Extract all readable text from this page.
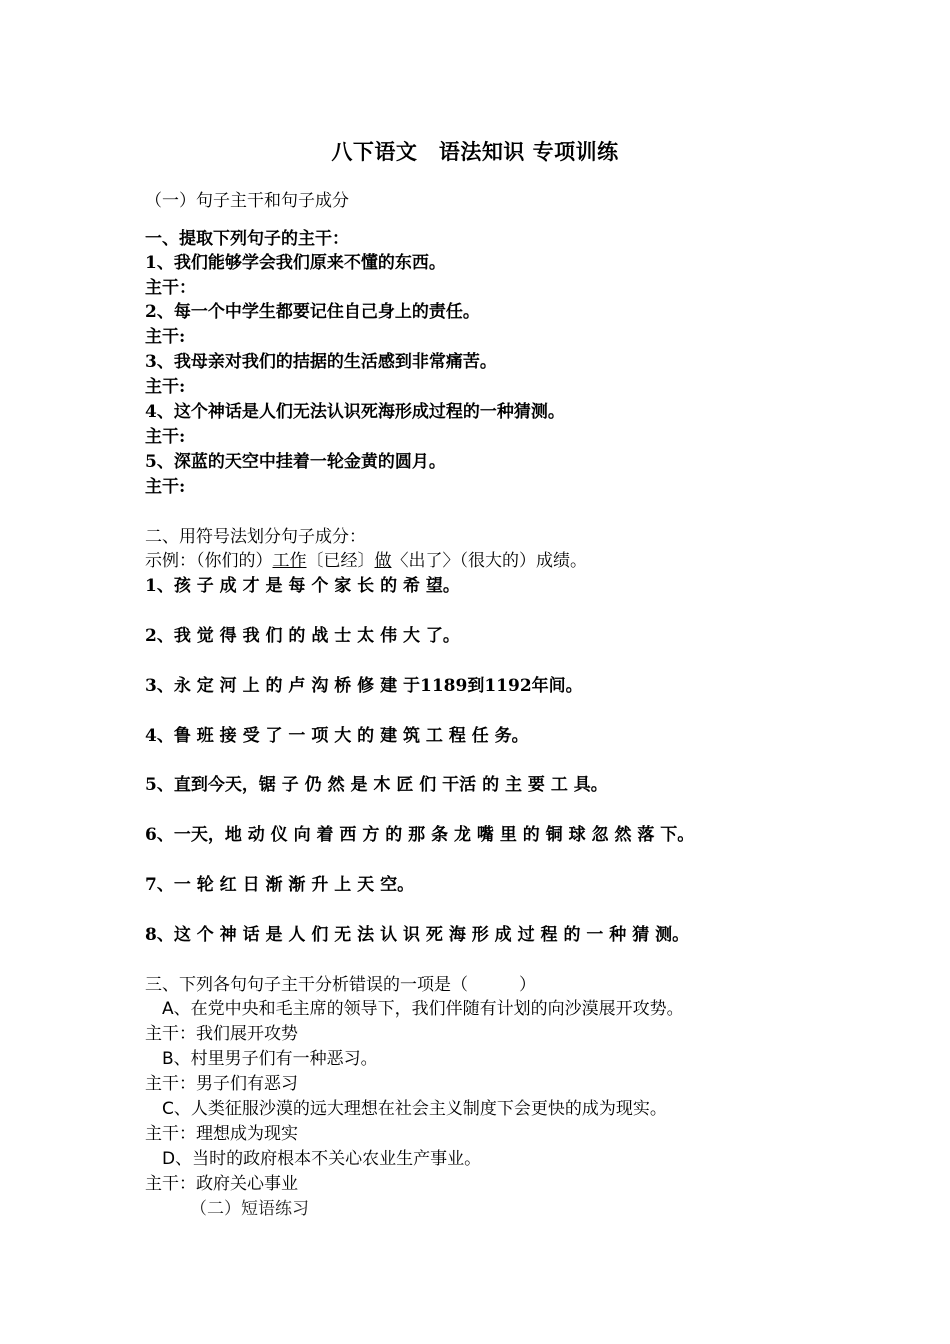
八下语文　语法知识 专项训练
（一）句子主干和句子成分
一、提取下列句子的主干：
1、我们能够学会我们原来不懂的东西。
主干：
2、每一个中学生都要记住自己身上的责任。
主干:
3、我母亲对我们的拮据的生活感到非常痛苦。
主干:
4、这个神话是人们无法认识死海形成过程的一种猜测。
主干:
5、深蓝的天空中挂着一轮金黄的圆月。
主干:
二、用符号法划分句子成分：
示例：（你们的）工作〔已经〕做〈出了〉（很大的）成绩。
1、孩 子 成 才 是 每 个 家 长 的 希 望。
2、我 觉 得 我 们 的 战 士 太 伟 大 了。
3、永 定 河 上 的 卢 沟 桥 修 建 于1189到1192年间。
4、鲁 班 接 受 了 一 项 大 的 建 筑 工 程 任 务。
5、直到今天，锯 子 仍 然 是 木 匠 们 干活 的 主 要 工 具。
6、一天，地 动 仪 向 着 西 方 的 那 条 龙 嘴 里 的 铜 球 忽 然 落 下。
7、一 轮 红 日 渐 渐 升 上 天 空。
8、这 个 神 话 是 人 们 无 法 认 识 死 海 形 成 过 程 的 一 种 猜 测。
三、下列各句句子主干分析错误的一项是（　　　）
A、在党中央和毛主席的领导下，我们伴随有计划的向沙漠展开攻势。
主干：我们展开攻势
B、村里男子们有一种恶习。
主干：男子们有恶习
C、人类征服沙漠的远大理想在社会主义制度下会更快的成为现实。
主干：理想成为现实
D、当时的政府根本不关心农业生产事业。
主干：政府关心事业
（二）短语练习
